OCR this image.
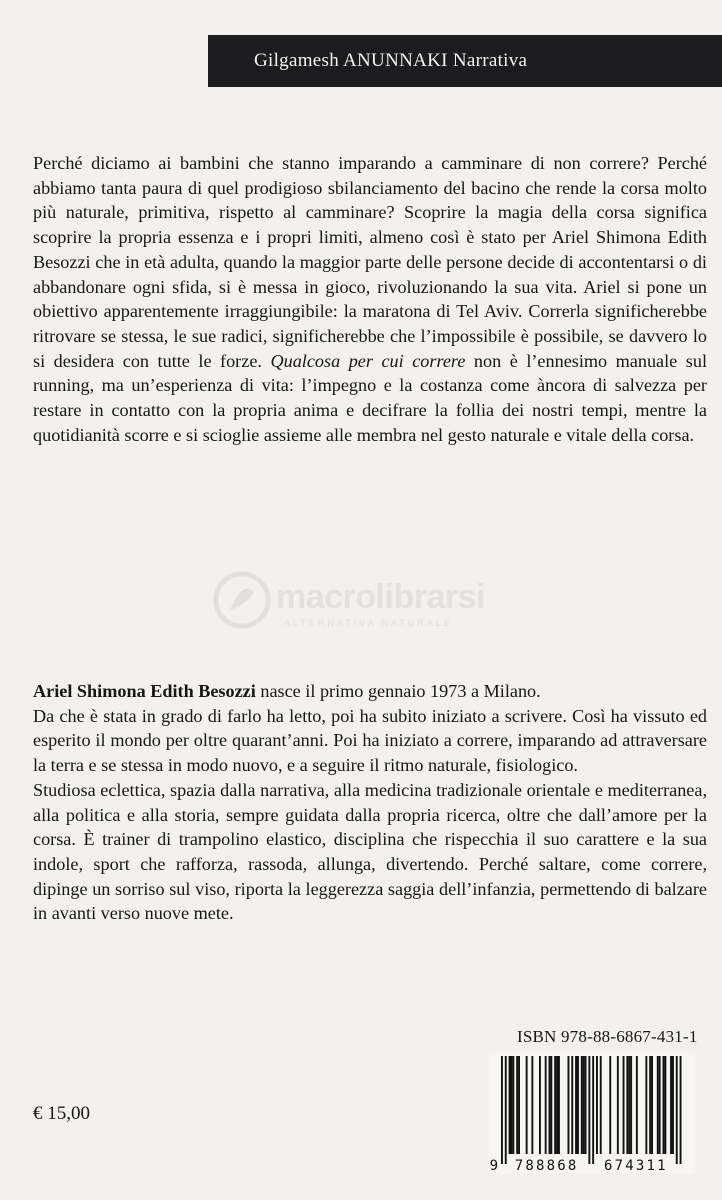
Gilgamesh ANUNNAKI Narrativa

Perché diciamo ai bambini che stanno imparando a camminare di non correre? Perché abbiamo tanta paura di quel prodigioso sbilanciamento del bacino che rende la corsa molto più naturale, primitiva, rispetto al camminare? Scoprire la magia della corsa significa scoprire la propria essenza e i propri limiti, almeno così è stato per Ariel Shimona Edith Besozzi che in età adulta, quando la maggior parte delle persone decide di accontentarsi o di abbandonare ogni sfida, si è messa in gioco, rivoluzionando la sua vita. Ariel si pone un obiettivo apparentemente irraggiungibile: la maratona di Tel Aviv. Correrla significherebbe ritrovare se stessa, le sue radici, significherebbe che l’impossibile è possibile, se davvero lo si desidera con tutte le forze. Qualcosa per cui correre non è l’ennesimo manuale sul running, ma un’esperienza di vita: l’impegno e la costanza come àncora di salvezza per restare in contatto con la propria anima e decifrare la follia dei nostri tempi, mentre la quotidianità scorre e si scioglie assieme alle membra nel gesto naturale e vitale della corsa.

macrolibrarsi
ALTERNATIVA NATURALE

Ariel Shimona Edith Besozzi nasce il primo gennaio 1973 a Milano.

Da che è stata in grado di farlo ha letto, poi ha subito iniziato a scrivere. Così ha vissuto ed esperito il mondo per oltre quarant’anni. Poi ha iniziato a correre, imparando ad attraversare la terra e se stessa in modo nuovo, e a seguire il ritmo naturale, fisiologico.

Studiosa eclettica, spazia dalla narrativa, alla medicina tradizionale orientale e mediterranea, alla politica e alla storia, sempre guidata dalla propria ricerca, oltre che dall’amore per la corsa. È trainer di trampolino elastico, disciplina che rispecchia il suo carattere e la sua indole, sport che rafforza, rassoda, allunga, divertendo. Perché saltare, come correre, dipinge un sorriso sul viso, riporta la leggerezza saggia dell’infanzia, permettendo di balzare in avanti verso nuove mete.

ISBN 978-88-6867-431-1
9 788868 674311
€ 15,00
